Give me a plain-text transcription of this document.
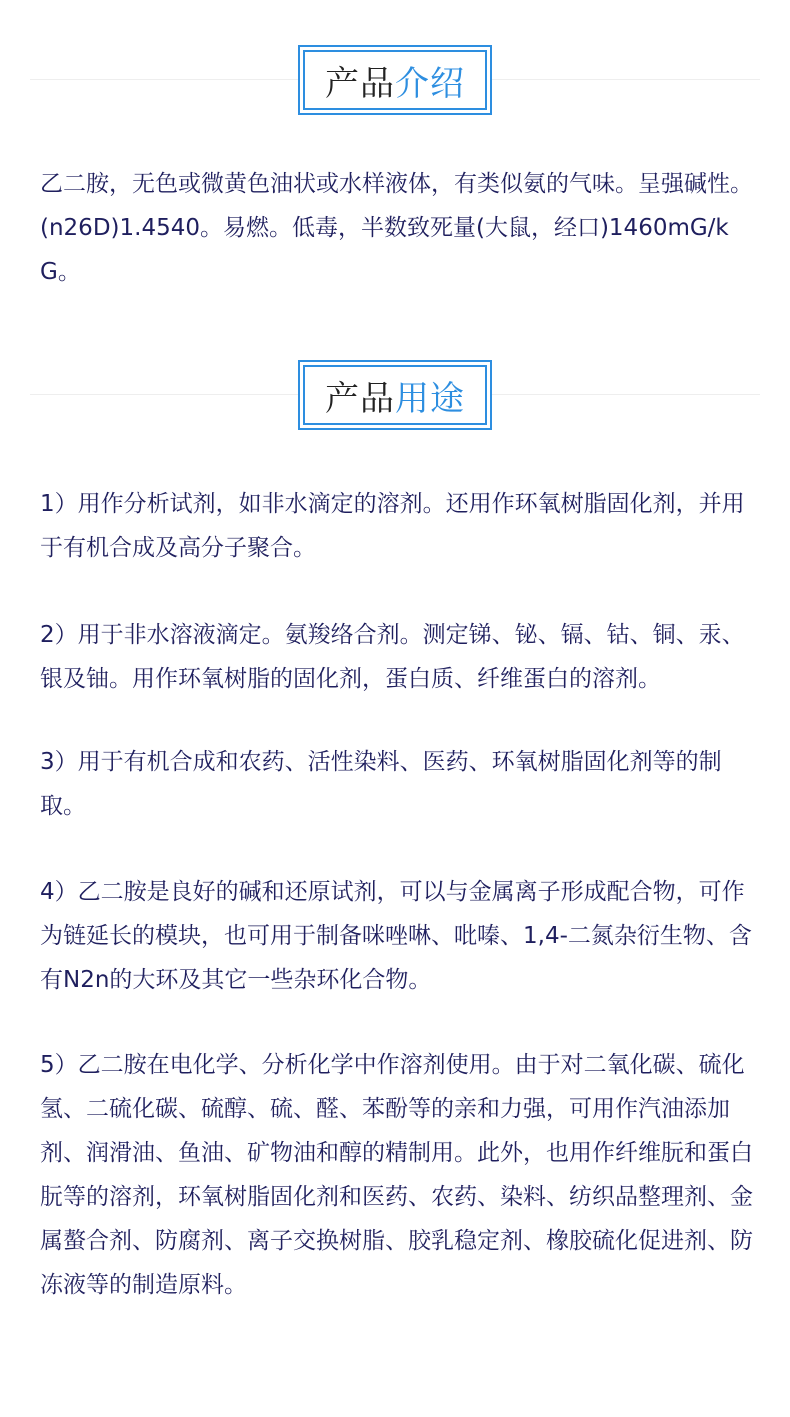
产品 介绍

乙二胺，无色或微黄色油状或水样液体，有类似氨的气味。呈强碱性。(n26D)1.4540。易燃。低毒，半数致死量(大鼠，经口)1460mG/kG。

产品 用途

1）用作分析试剂，如非水滴定的溶剂。还用作环氧树脂固化剂，并用于有机合成及高分子聚合。

2）用于非水溶液滴定。氨羧络合剂。测定锑、铋、镉、钴、铜、汞、银及铀。用作环氧树脂的固化剂，蛋白质、纤维蛋白的溶剂。

3）用于有机合成和农药、活性染料、医药、环氧树脂固化剂等的制取。

4）乙二胺是良好的碱和还原试剂，可以与金属离子形成配合物，可作为链延长的模块，也可用于制备咪唑啉、吡嗪、1,4-二氮杂衍生物、含有N2n的大环及其它一些杂环化合物。

5）乙二胺在电化学、分析化学中作溶剂使用。由于对二氧化碳、硫化氢、二硫化碳、硫醇、硫、醛、苯酚等的亲和力强，可用作汽油添加剂、润滑油、鱼油、矿物油和醇的精制用。此外，也用作纤维朊和蛋白朊等的溶剂，环氧树脂固化剂和医药、农药、染料、纺织品整理剂、金属螯合剂、防腐剂、离子交换树脂、胶乳稳定剂、橡胶硫化促进剂、防冻液等的制造原料。
